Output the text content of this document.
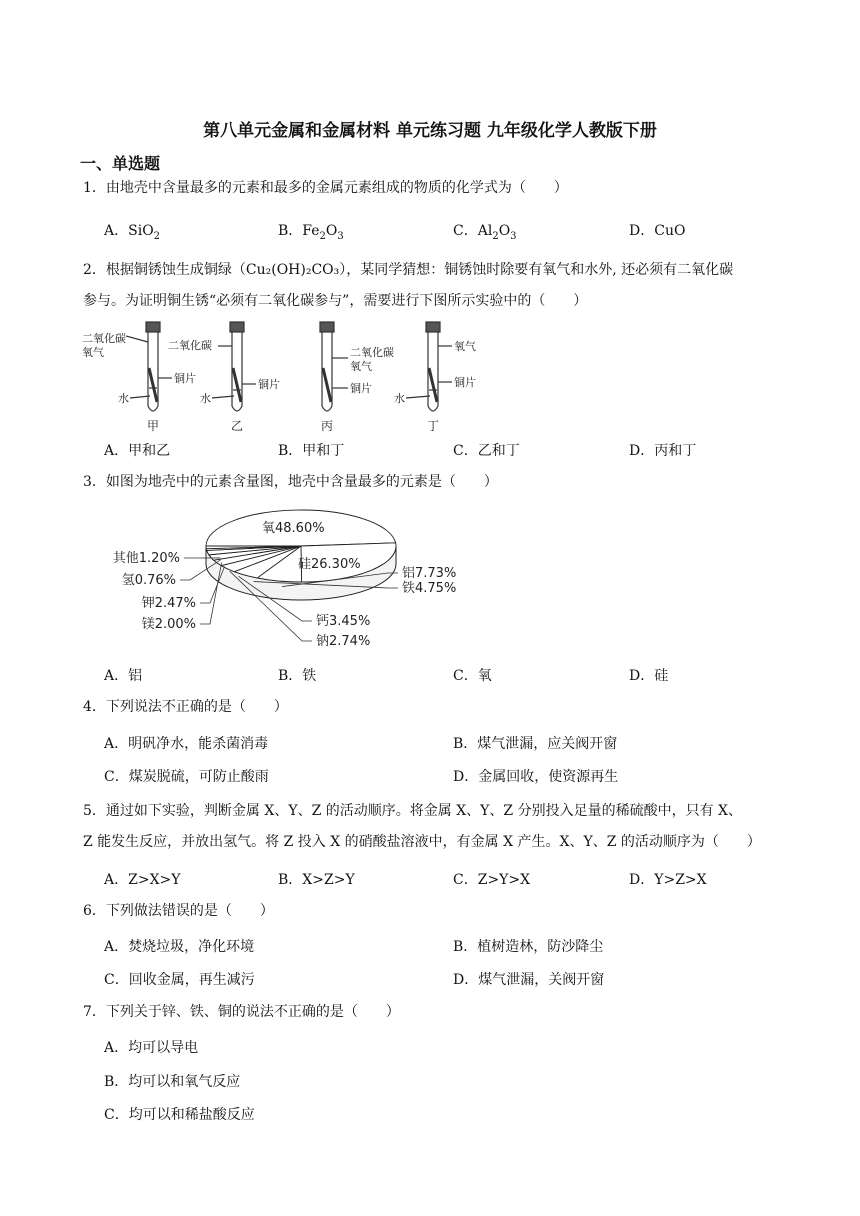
第八单元金属和金属材料 单元练习题 九年级化学人教版下册
一、单选题
1．由地壳中含量最多的元素和最多的金属元素组成的物质的化学式为（　　）
A．SiO$_2$	B．$Fe_2O_3$	C．$Al_2O_3$	D．CuO
2．根据铜锈蚀生成铜绿（Cu₂(OH)₂CO₃），某同学猜想：铜锈蚀时除要有氧气和水外, 还必须有二氧化碳
参与。为证明铜生锈“必须有二氧化碳参与”，需要进行下图所示实验中的（　　）
二氧化碳
氧气
水
铜片
二氧化碳
水
铜片
二氧化碳
氧气
铜片
氧气
水
铜片
甲	乙	丙	丁
A．甲和乙	B．甲和丁	C．乙和丁	D．丙和丁
3．如图为地壳中的元素含量图，地壳中含量最多的元素是（　　）
氧48.60%
硅26.30%
铝7.73%
铁4.75%
钙3.45%
钠2.74%
钾2.47%
镁2.00%
氢0.76%
其他1.20%
A．铝	B．铁	C．氧	D．硅
4．下列说法不正确的是（　　）
A．明矾净水，能杀菌消毒	B．煤气泄漏，应关阀开窗
C．煤炭脱硫，可防止酸雨	D．金属回收，使资源再生
5．通过如下实验，判断金属 X、Y、Z 的活动顺序。将金属 X、Y、Z 分别投入足量的稀硫酸中，只有 X、
Z 能发生反应，并放出氢气。将 Z 投入 X 的硝酸盐溶液中，有金属 X 产生。X、Y、Z 的活动顺序为（　　）
A．Z>X>Y	B．X>Z>Y	C．Z>Y>X	D．Y>Z>X
6．下列做法错误的是（　　）
A．焚烧垃圾，净化环境	B．植树造林，防沙降尘
C．回收金属，再生减污	D．煤气泄漏，关阀开窗
7．下列关于锌、铁、铜的说法不正确的是（　　）
A．均可以导电
B．均可以和氧气反应
C．均可以和稀盐酸反应
